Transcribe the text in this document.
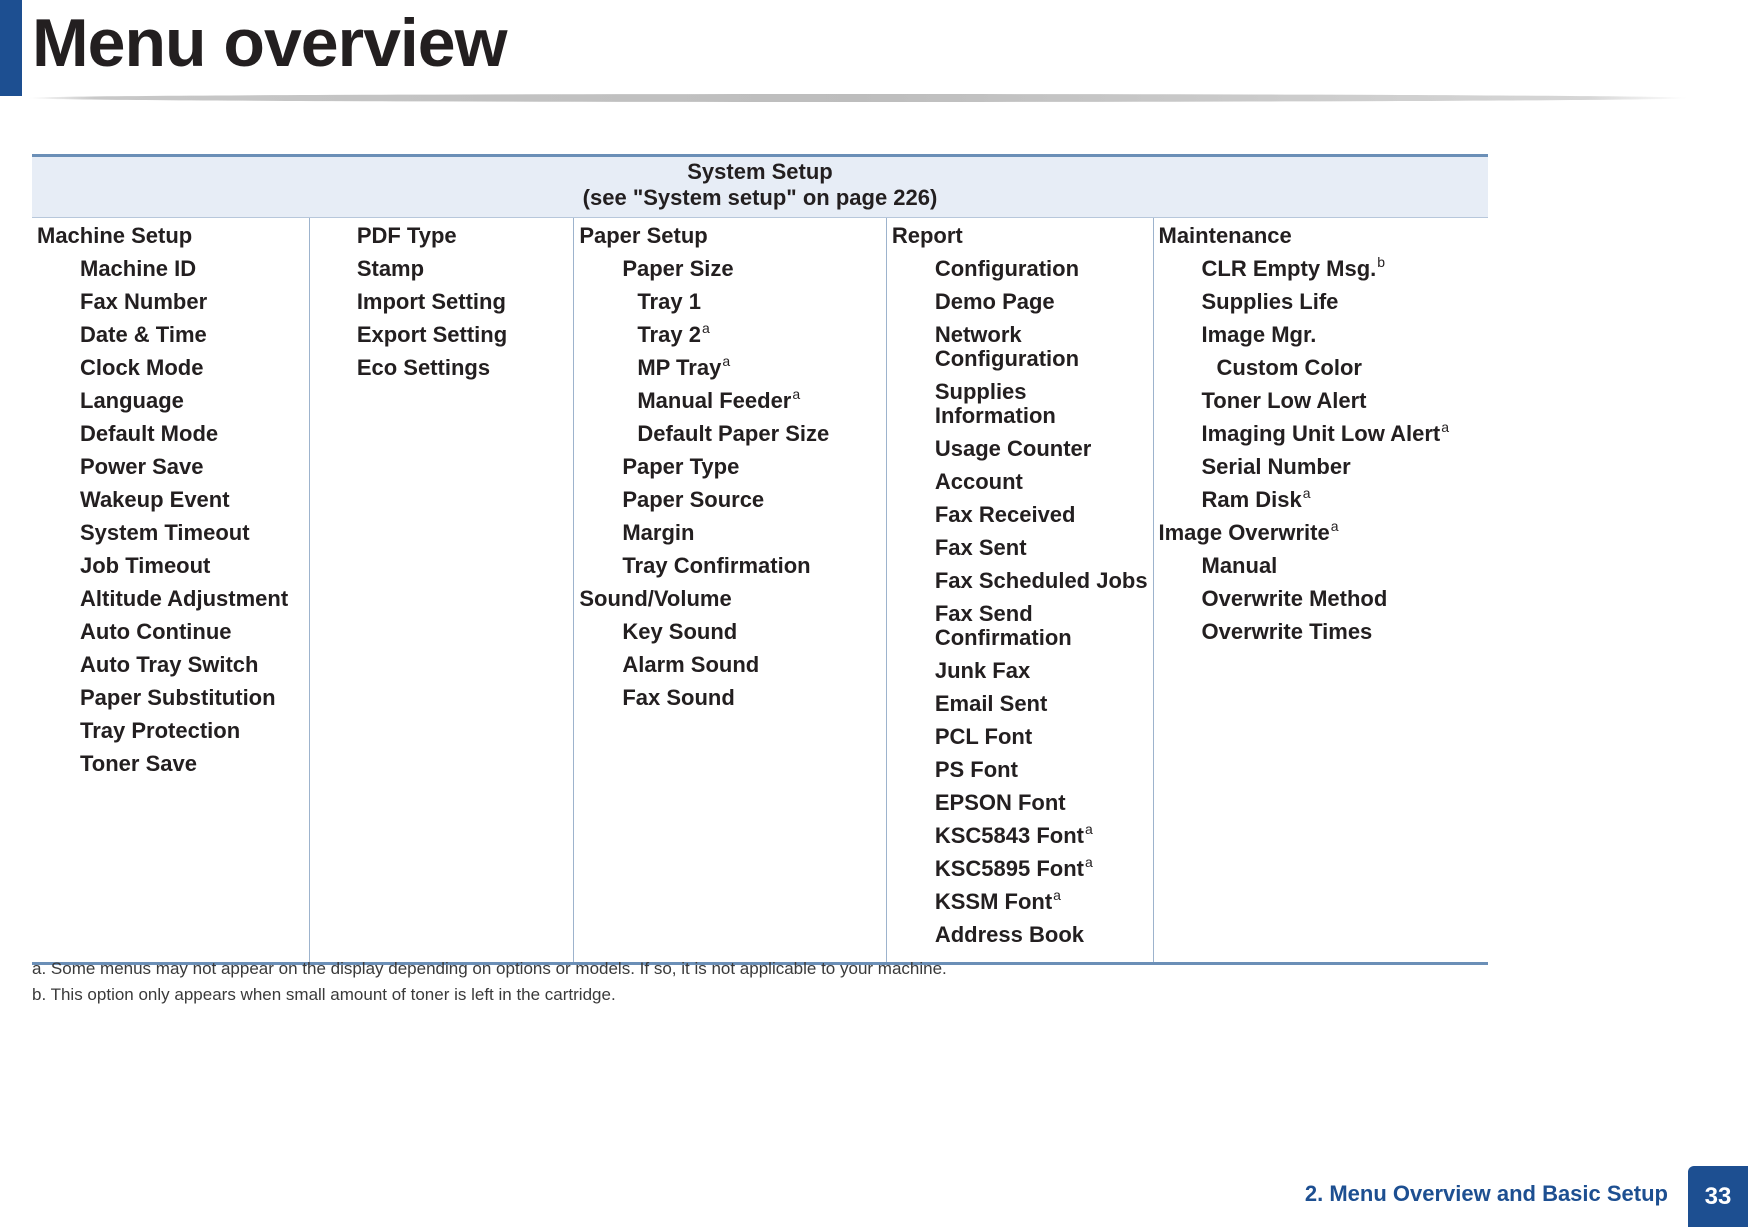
Menu overview
System Setup
(see "System setup" on page 226)

Machine Setup
Machine ID
Fax Number
Date & Time
Clock Mode
Language
Default Mode
Power Save
Wakeup Event
System Timeout
Job Timeout
Altitude Adjustment
Auto Continue
Auto Tray Switch
Paper Substitution
Tray Protection
Toner Save

PDF Type
Stamp
Import Setting
Export Setting
Eco Settings

Paper Setup
Paper Size
Tray 1
Tray 2$^a$
MP Tray$^a$
Manual Feeder$^a$
Default Paper Size
Paper Type
Paper Source
Margin
Tray Confirmation
Sound/Volume
Key Sound
Alarm Sound
Fax Sound

Report
Configuration
Demo Page
Network Configuration
Supplies Information
Usage Counter
Account
Fax Received
Fax Sent
Fax Scheduled Jobs
Fax Send Confirmation
Junk Fax
Email Sent
PCL Font
PS Font
EPSON Font
KSC5843 Font$^a$
KSC5895 Font$^a$
KSSM Font$^a$
Address Book

Maintenance
CLR Empty Msg.$^b$
Supplies Life
Image Mgr.
Custom Color
Toner Low Alert
Imaging Unit Low Alert$^a$
Serial Number
Ram Disk$^a$
Image Overwrite$^a$
Manual
Overwrite Method
Overwrite Times
a. Some menus may not appear on the display depending on options or models. If so, it is not applicable to your machine.
b. This option only appears when small amount of toner is left in the cartridge.
2. Menu Overview and Basic Setup	33
